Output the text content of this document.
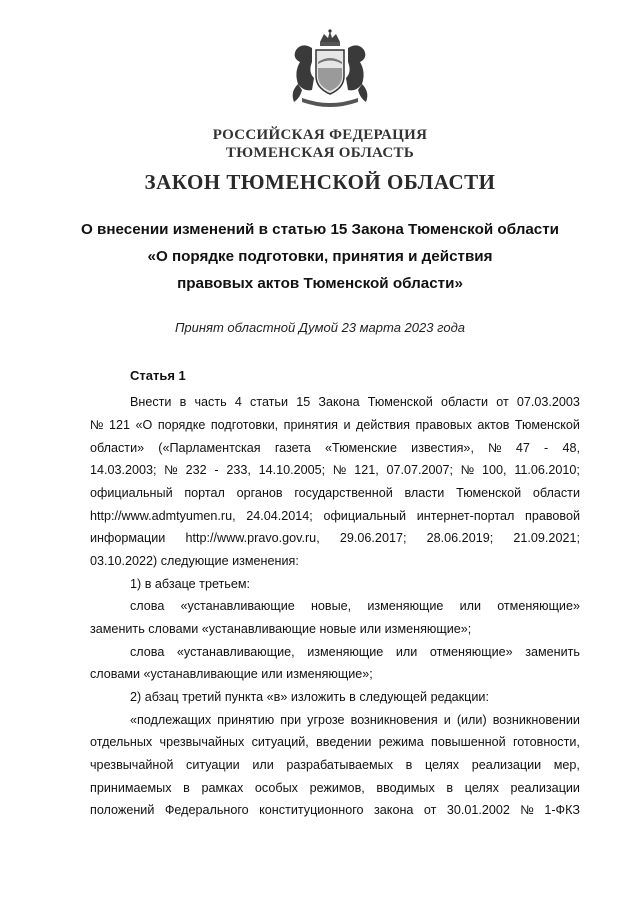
РОССИЙСКАЯ ФЕДЕРАЦИЯ
ТЮМЕНСКАЯ ОБЛАСТЬ
ЗАКОН ТЮМЕНСКОЙ ОБЛАСТИ
О внесении изменений в статью 15 Закона Тюменской области
«О порядке подготовки, принятия и действия
правовых актов Тюменской области»
Принят областной Думой 23 марта 2023 года
Статья 1
Внести в часть 4 статьи 15 Закона Тюменской области от 07.03.2003
№ 121 «О порядке подготовки, принятия и действия правовых актов Тюменской
области» («Парламентская газета «Тюменские известия», № 47 - 48,
14.03.2003; № 232 - 233, 14.10.2005; № 121, 07.07.2007; № 100, 11.06.2010;
официальный портал органов государственной власти Тюменской области
http://www.admtyumen.ru, 24.04.2014; официальный интернет-портал правовой
информации http://www.pravo.gov.ru, 29.06.2017; 28.06.2019; 21.09.2021;
03.10.2022) следующие изменения:
1) в абзаце третьем:
слова «устанавливающие новые, изменяющие или отменяющие»
заменить словами «устанавливающие новые или изменяющие»;
слова «устанавливающие, изменяющие или отменяющие» заменить
словами «устанавливающие или изменяющие»;
2) абзац третий пункта «в» изложить в следующей редакции:
«подлежащих принятию при угрозе возникновения и (или) возникновении
отдельных чрезвычайных ситуаций, введении режима повышенной готовности,
чрезвычайной ситуации или разрабатываемых в целях реализации мер,
принимаемых в рамках особых режимов, вводимых в целях реализации
положений Федерального конституционного закона от 30.01.2002 № 1-ФКЗ
